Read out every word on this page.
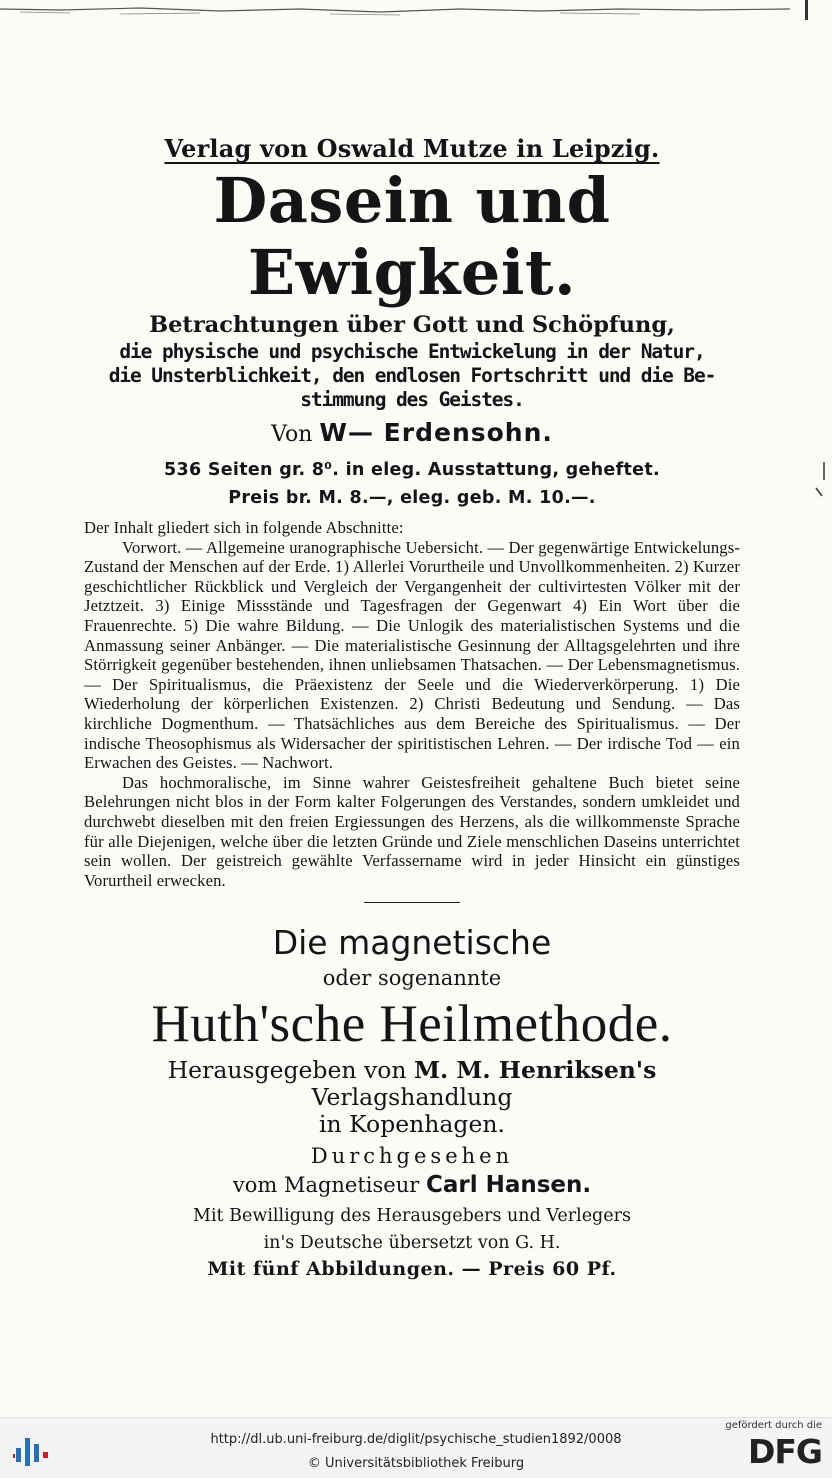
Verlag von Oswald Mutze in Leipzig.
Dasein und Ewigkeit.
Betrachtungen über Gott und Schöpfung,
die physische und psychische Entwickelung in der Natur,
die Unsterblichkeit, den endlosen Fortschritt und die Be-
stimmung des Geistes.
Von W— Erdensohn.
536 Seiten gr. 8⁰. in eleg. Ausstattung, geheftet.
Preis br. M. 8.—, eleg. geb. M. 10.—.

Der Inhalt gliedert sich in folgende Abschnitte:

Vorwort. — Allgemeine uranographische Uebersicht. — Der gegenwärtige Entwickelungs-Zustand der Menschen auf der Erde. 1) Allerlei Vorurtheile und Unvollkommenheiten. 2) Kurzer geschichtlicher Rückblick und Vergleich der Vergangenheit der cultivirtesten Völker mit der Jetztzeit. 3) Einige Missstände und Tagesfragen der Gegenwart 4) Ein Wort über die Frauenrechte. 5) Die wahre Bildung. — Die Unlogik des materialistischen Systems und die Anmassung seiner Anbänger. — Die materialistische Gesinnung der Alltagsgelehrten und ihre Störrigkeit gegenüber bestehenden, ihnen unliebsamen Thatsachen. — Der Lebensmagnetismus. — Der Spiritualismus, die Präexistenz der Seele und die Wiederverkörperung. 1) Die Wiederholung der körperlichen Existenzen. 2) Christi Bedeutung und Sendung. — Das kirchliche Dogmenthum. — Thatsächliches aus dem Bereiche des Spiritualismus. — Der indische Theosophismus als Widersacher der spiritistischen Lehren. — Der irdische Tod — ein Erwachen des Geistes. — Nachwort.

Das hochmoralische, im Sinne wahrer Geistesfreiheit gehaltene Buch bietet seine Belehrungen nicht blos in der Form kalter Folgerungen des Verstandes, sondern umkleidet und durchwebt dieselben mit den freien Ergiessungen des Herzens, als die willkommenste Sprache für alle Diejenigen, welche über die letzten Gründe und Ziele menschlichen Daseins unterrichtet sein wollen. Der geistreich gewählte Verfassername wird in jeder Hinsicht ein günstiges Vorurtheil erwecken.

Die magnetische
oder sogenannte
Huth'sche Heilmethode.
Herausgegeben von M. M. Henriksen's Verlagshandlung
in Kopenhagen.
Durchgesehen
vom Magnetiseur Carl Hansen.
Mit Bewilligung des Herausgebers und Verlegers
in's Deutsche übersetzt von G. H.
Mit fünf Abbildungen. — Preis 60 Pf.
http://dl.ub.uni-freiburg.de/diglit/psychische_studien1892/0008
© Universitätsbibliothek Freiburg
gefördert durch die
DFG
